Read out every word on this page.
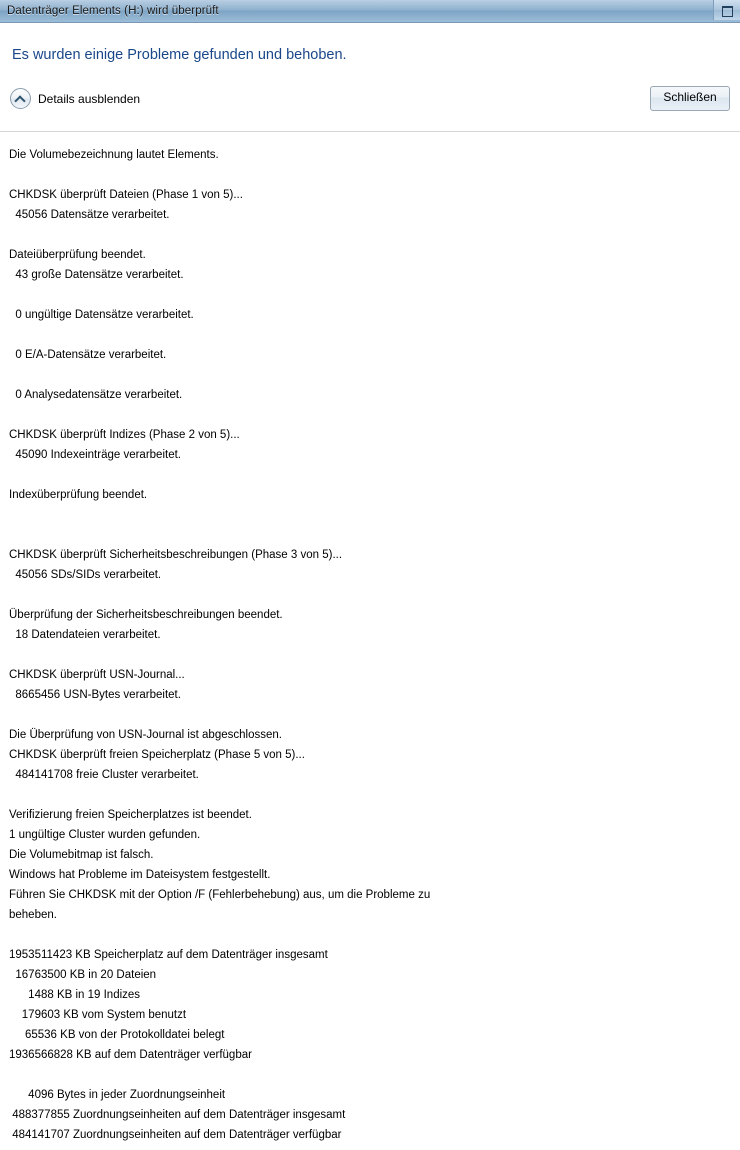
Datenträger Elements (H:) wird überprüft
Es wurden einige Probleme gefunden und behoben.
Details ausblenden	Schließen
Die Volumebezeichnung lautet Elements.
CHKDSK überprüft Dateien (Phase 1 von 5)...
45056 Datensätze verarbeitet.
Dateiüberprüfung beendet.
43 große Datensätze verarbeitet.
0 ungültige Datensätze verarbeitet.
0 E/A-Datensätze verarbeitet.
0 Analysedatensätze verarbeitet.
CHKDSK überprüft Indizes (Phase 2 von 5)...
45090 Indexeinträge verarbeitet.
Indexüberprüfung beendet.
CHKDSK überprüft Sicherheitsbeschreibungen (Phase 3 von 5)...
45056 SDs/SIDs verarbeitet.
Überprüfung der Sicherheitsbeschreibungen beendet.
18 Datendateien verarbeitet.
CHKDSK überprüft USN-Journal...
8665456 USN-Bytes verarbeitet.
Die Überprüfung von USN-Journal ist abgeschlossen.
CHKDSK überprüft freien Speicherplatz (Phase 5 von 5)...
484141708 freie Cluster verarbeitet.
Verifizierung freien Speicherplatzes ist beendet.
1 ungültige Cluster wurden gefunden.
Die Volumebitmap ist falsch.
Windows hat Probleme im Dateisystem festgestellt.
Führen Sie CHKDSK mit der Option /F (Fehlerbehebung) aus, um die Probleme zu
beheben.
1953511423 KB Speicherplatz auf dem Datenträger insgesamt
16763500 KB in 20 Dateien
1488 KB in 19 Indizes
179603 KB vom System benutzt
65536 KB von der Protokolldatei belegt
1936566828 KB auf dem Datenträger verfügbar
4096 Bytes in jeder Zuordnungseinheit
488377855 Zuordnungseinheiten auf dem Datenträger insgesamt
484141707 Zuordnungseinheiten auf dem Datenträger verfügbar
